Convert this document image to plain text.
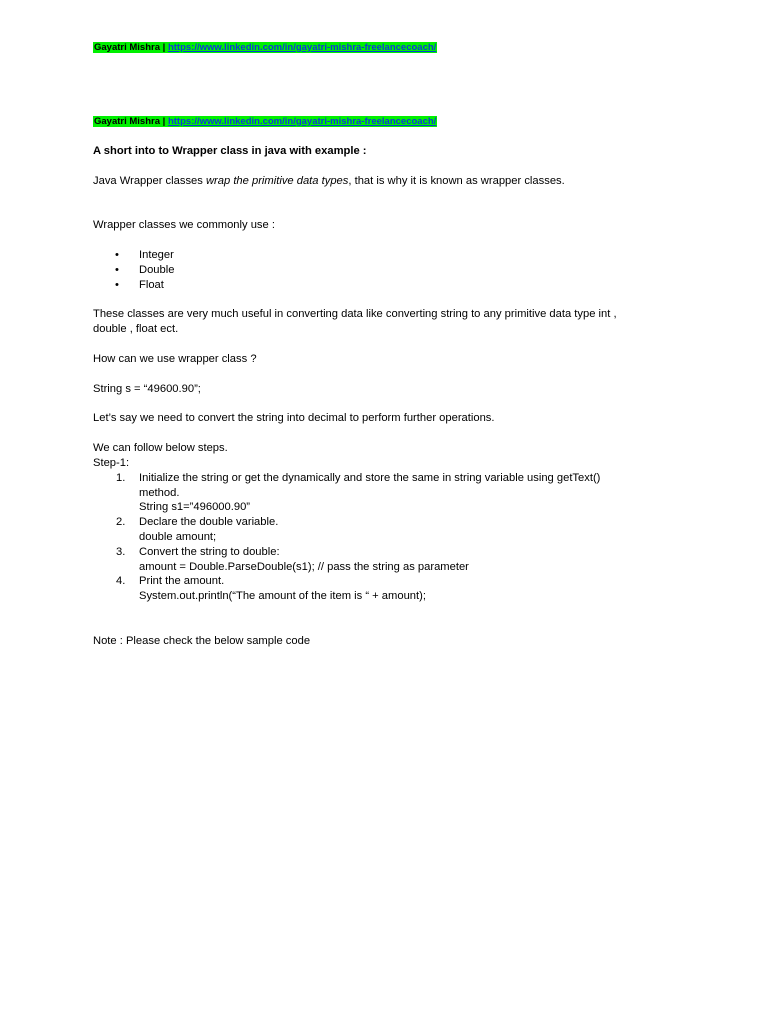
Gayatri Mishra | https://www.linkedin.com/in/gayatri-mishra-freelancecoach/
Gayatri Mishra | https://www.linkedin.com/in/gayatri-mishra-freelancecoach/

A short into to Wrapper class in java with example :

Java Wrapper classes wrap the primitive data types, that is why it is known as wrapper classes.

Wrapper classes we commonly use :

• Integer
• Double
• Float

These classes are very much useful in converting data like converting string to any primitive data type int ,
double , float ect.

How can we use wrapper class ?

String s = “49600.90”;

Let’s say we need to convert the string into decimal to perform further operations.

We can follow below steps.

Step-1:

1. Initialize the string or get the dynamically and store the same in string variable using getText()
method.
String s1=”496000.90”
2. Declare the double variable.
double amount;
3. Convert the string to double:
amount = Double.ParseDouble(s1); // pass the string as parameter
4. Print the amount.
System.out.println(“The amount of the item is “ + amount);

Note : Please check the below sample code
